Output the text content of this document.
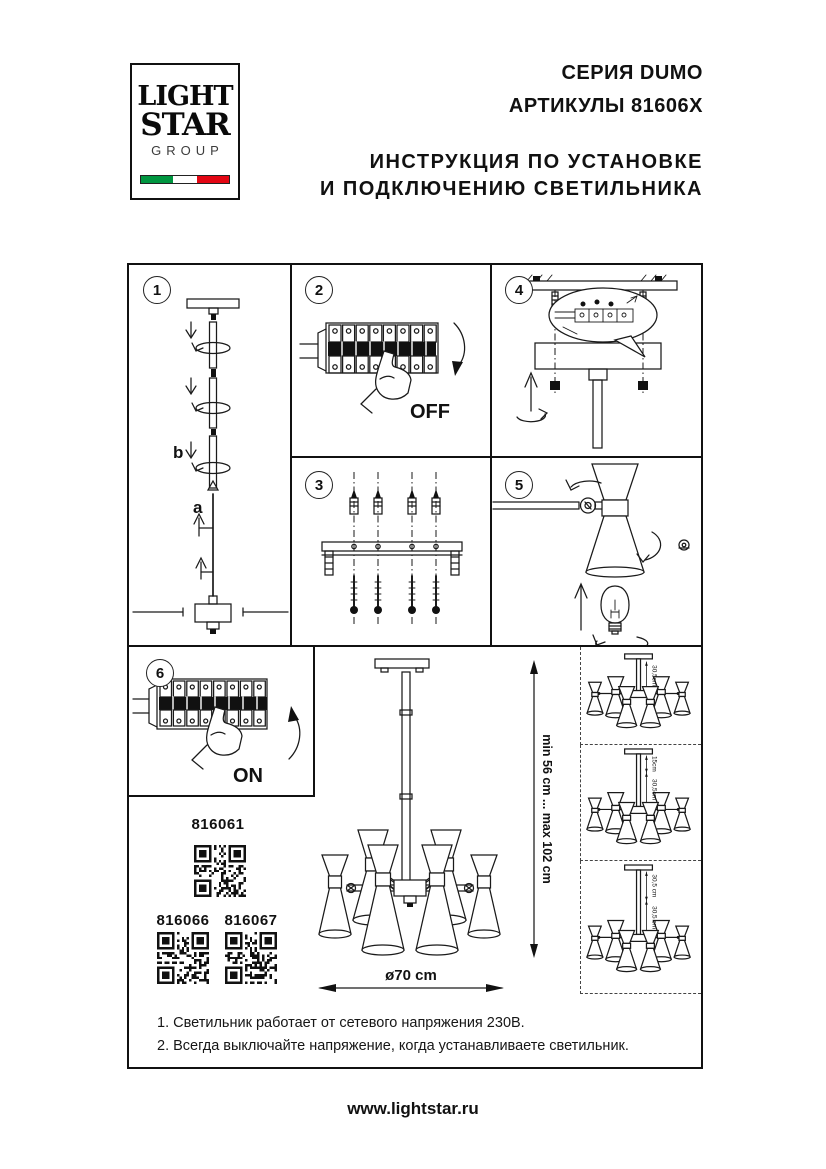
LIGHT
STAR
GROUP
СЕРИЯ DUMO
АРТИКУЛЫ 81606X
ИНСТРУКЦИЯ ПО УСТАНОВКЕ
И ПОДКЛЮЧЕНИЮ СВЕТИЛЬНИКА
1
b
a
2
OFF
3
4
5
6
ON
816061
816066 816067
min 56 cm ... max 102 cm
ø70 cm
30,5cm
15cm
30,5cm
30,5 cm
30,5 cm
1. Светильник работает от сетевого напряжения 230В.
2. Всегда выключайте напряжение, когда устанавливаете светильник.
www.lightstar.ru
